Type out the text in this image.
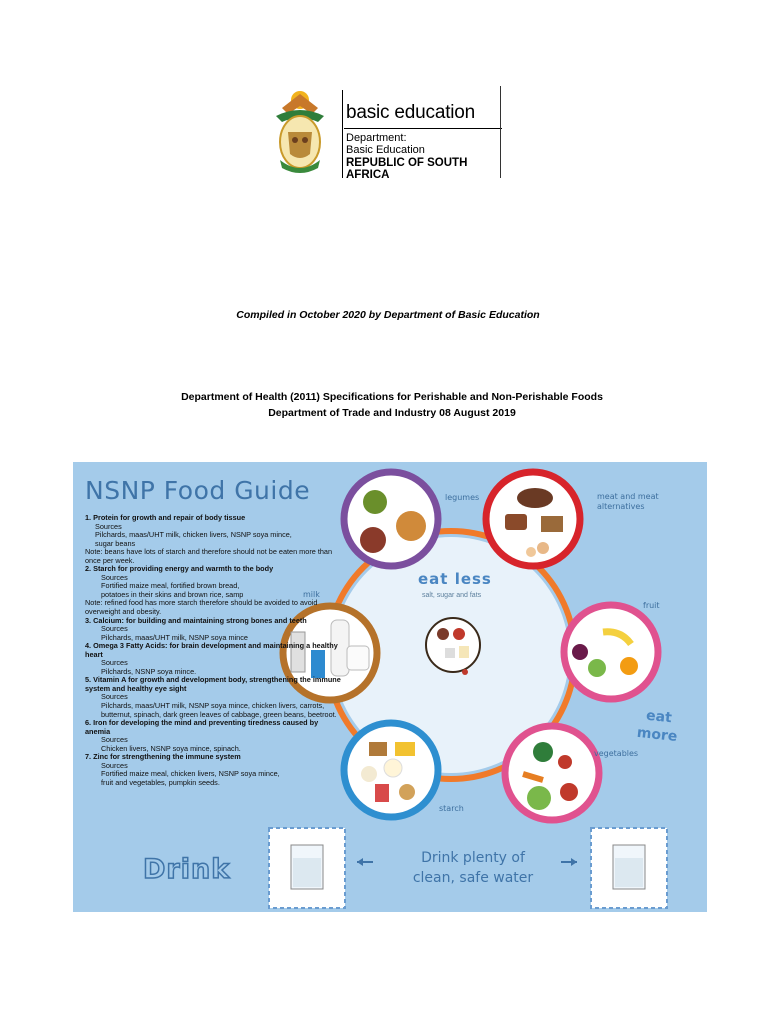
basic education
Department:
Basic Education
REPUBLIC OF SOUTH AFRICA
Compiled in October 2020 by Department of Basic Education
Department of Health (2011) Specifications for Perishable and Non-Perishable Foods
Department of Trade and Industry 08 August 2019
NSNP Food Guide
1. Protein for growth and repair of body tissue
Sources
Pilchards, maas/UHT milk, chicken livers, NSNP soya mince,
sugar beans
Note: beans have lots of starch and therefore should not be eaten more than once per week.
2. Starch for providing energy and warmth to the body
Sources
Fortified maize meal, fortified brown bread,
potatoes in their skins and brown rice, samp
Note: refined food has more starch therefore should be avoided to avoid overweight and obesity.
3. Calcium: for building and maintaining strong bones and teeth
Sources
Pilchards, maas/UHT milk, NSNP soya mince
4. Omega 3 Fatty Acids: for brain development and maintaining a healthy heart
Sources
Pilchards, NSNP soya mince.
5. Vitamin A for growth and development body, strengthening the immune system and healthy eye sight
Sources
Pilchards, maas/UHT milk, NSNP soya mince, chicken livers, carrots, butternut, spinach, dark green leaves of cabbage, green beans, beetroot.
6. Iron for developing the mind and preventing tiredness caused by anemia
Sources
Chicken livers, NSNP soya mince, spinach.
7. Zinc for strengthening the immune system
Sources
Fortified maize meal, chicken livers, NSNP soya mince,
fruit and vegetables, pumpkin seeds.
legumes	meat and meat alternatives
milk
fruit
vegetables
starch
eat less
salt, sugar and fats
eat more
Drink	Drink plenty of clean, safe water
